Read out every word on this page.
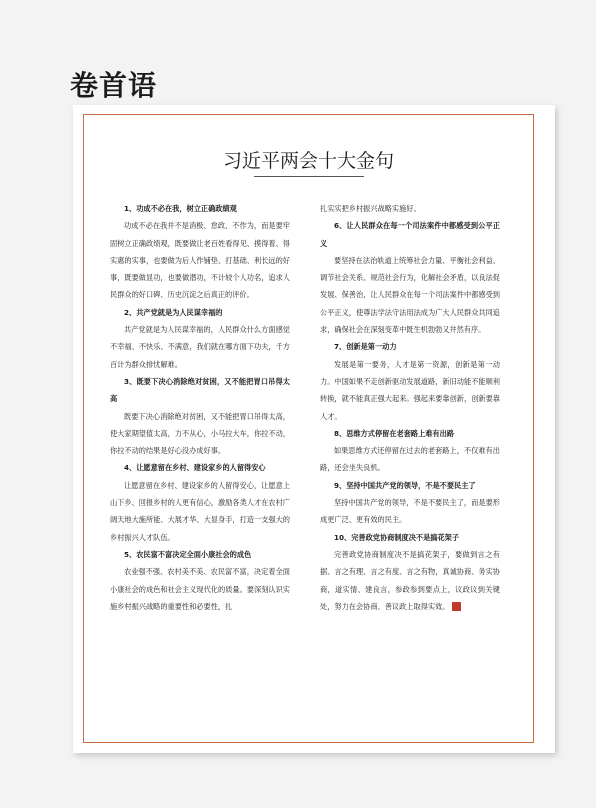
卷首语
习近平两会十大金句

1、功成不必在我，树立正确政绩观

功成不必在我并不是消极、怠政、不作为，而是要牢固树立正确政绩观，既要做让老百姓看得见、摸得着、得实惠的实事，也要做为后人作铺垫、打基础、利长远的好事，既要做显功，也要做潜功，不计较个人功名，追求人民群众的好口碑、历史沉淀之后真正的评价。

2、共产党就是为人民谋幸福的

共产党就是为人民谋幸福的，人民群众什么方面感觉不幸福、不快乐、不满意，我们就在哪方面下功夫，千方百计为群众排忧解难。

3、既要下决心消除绝对贫困，又不能把胃口吊得太高

既要下决心消除绝对贫困，又不能把胃口吊得太高，使大家期望值太高，力不从心，小马拉大车，你拉不动，你拉不动的结果是好心没办成好事。

4、让愿意留在乡村、建设家乡的人留得安心

让愿意留在乡村、建设家乡的人留得安心，让愿意上山下乡、回报乡村的人更有信心，激励各类人才在农村广阔天地大施所能、大展才华、大显身手，打造一支强大的乡村振兴人才队伍。

5、农民富不富决定全面小康社会的成色

农业强不强、农村美不美、农民富不富，决定着全面小康社会的成色和社会主义现代化的质量。要深刻认识实施乡村振兴战略的重要性和必要性，扎

扎实实把乡村振兴战略实施好。

6、让人民群众在每一个司法案件中都感受到公平正义

要坚持在法治轨道上统筹社会力量、平衡社会利益、调节社会关系、规范社会行为，化解社会矛盾，以良法促发展、保善治，让人民群众在每一个司法案件中都感受到公平正义，使尊法学法守法用法成为广大人民群众共同追求，确保社会在深刻变革中既生机勃勃又井然有序。

7、创新是第一动力

发展是第一要务，人才是第一资源，创新是第一动力。中国如果不走创新驱动发展道路，新旧动能不能顺利转换，就不能真正强大起来。强起来要靠创新，创新要靠人才。

8、思维方式停留在老套路上难有出路

如果思维方式还停留在过去的老套路上，不仅难有出路，还会坐失良机。

9、坚持中国共产党的领导，不是不要民主了

坚持中国共产党的领导，不是不要民主了，而是要形成更广泛、更有效的民主。

10、完善政党协商制度决不是搞花架子

完善政党协商制度决不是搞花架子，要做到言之有据、言之有理、言之有度、言之有物，真诚协商、务实协商，道实情、建良言，参政参到要点上，议政议到关键处，努力在会协商、善议政上取得实效。	N
